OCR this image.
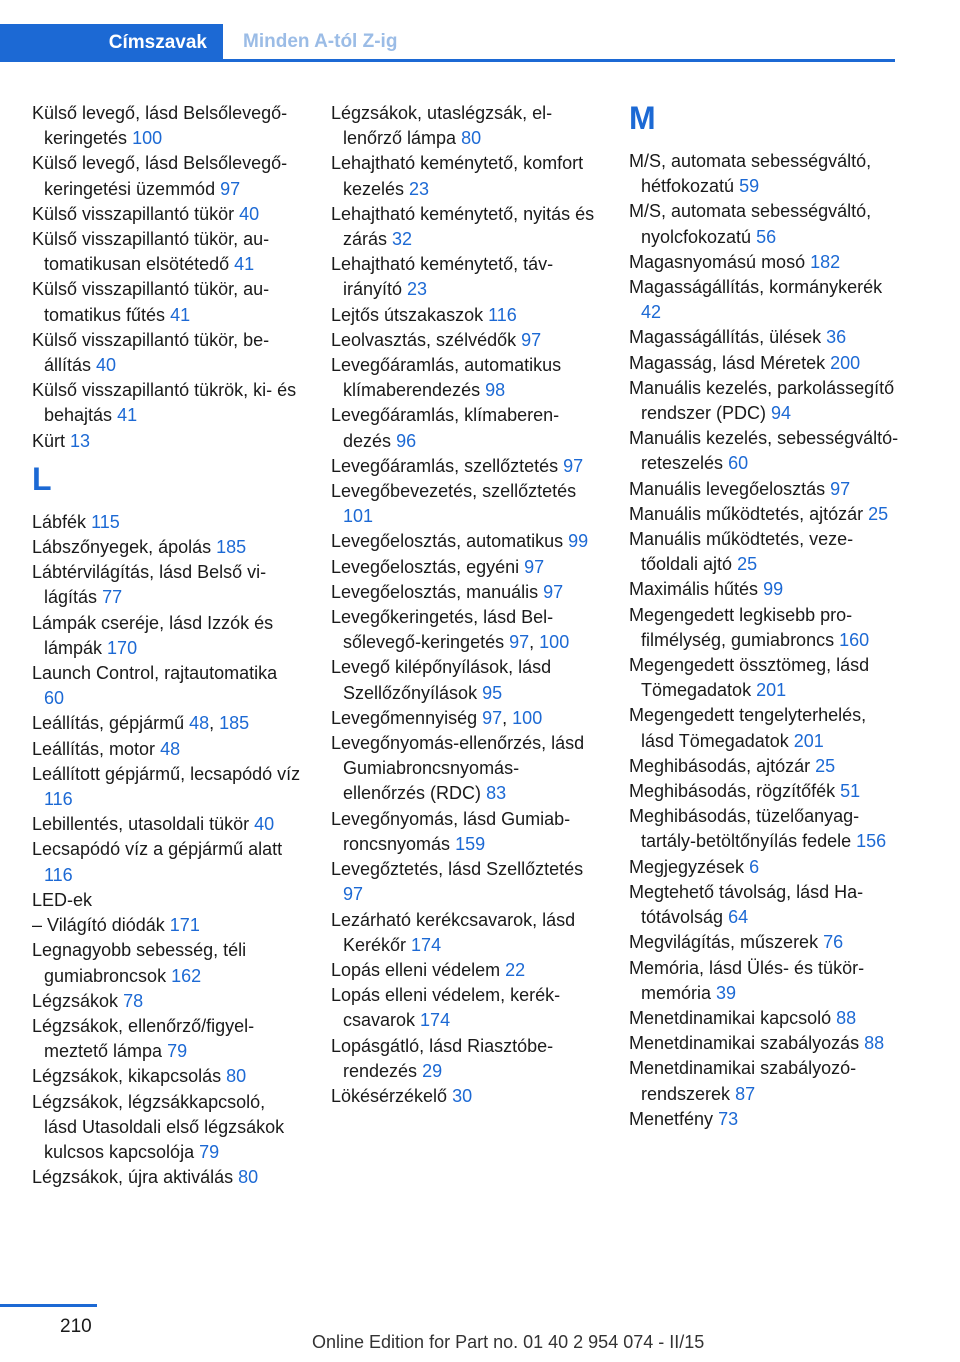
Címszavak	Minden A-tól Z-ig

Külső levegő, lásd Belsőlevegő-keringetés 100

Külső levegő, lásd Belsőlevegő-keringetési üzemmód 97

Külső visszapillantó tükör 40

Külső visszapillantó tükör, automatikusan elsötétedő 41

Külső visszapillantó tükör, automatikus fűtés 41

Külső visszapillantó tükör, beállítás 40

Külső visszapillantó tükrök, ki- és behajtás 41

Kürt 13

L

Lábfék 115

Lábszőnyegek, ápolás 185

Lábtérvilágítás, lásd Belső világítás 77

Lámpák cseréje, lásd Izzók és lámpák 170

Launch Control, rajtautomatika 60

Leállítás, gépjármű 48, 185

Leállítás, motor 48

Leállított gépjármű, lecsapódó víz 116

Lebillentés, utasoldali tükör 40

Lecsapódó víz a gépjármű alatt 116

LED-ek

– Világító diódák 171

Legnagyobb sebesség, téli gumiabroncsok 162

Légzsákok 78

Légzsákok, ellenőrző/figyelmeztető lámpa 79

Légzsákok, kikapcsolás 80

Légzsákok, légzsákkapcsoló, lásd Utasoldali első légzsákok kulcsos kapcsolója 79

Légzsákok, újra aktiválás 80

Légzsákok, utaslégzsák, ellenőrző lámpa 80

Lehajtható keménytető, komfort kezelés 23

Lehajtható keménytető, nyitás és zárás 32

Lehajtható keménytető, távirányító 23

Lejtős útszakaszok 116

Leolvasztás, szélvédők 97

Levegőáramlás, automatikus klímaberendezés 98

Levegőáramlás, klímaberendezés 96

Levegőáramlás, szellőztetés 97

Levegőbevezetés, szellőztetés 101

Levegőelosztás, automatikus 99

Levegőelosztás, egyéni 97

Levegőelosztás, manuális 97

Levegőkeringetés, lásd Belsőlevegő-keringetés 97, 100

Levegő kilépőnyílások, lásd Szellőzőnyílások 95

Levegőmennyiség 97, 100

Levegőnyomás-ellenőrzés, lásd Gumiabroncsnyomás-ellenőrzés (RDC) 83

Levegőnyomás, lásd Gumiabroncsnyomás 159

Levegőztetés, lásd Szellőztetés 97

Lezárható kerékcsavarok, lásd Kerékőr 174

Lopás elleni védelem 22

Lopás elleni védelem, kerékcsavarok 174

Lopásgátló, lásd Riasztóberendezés 29

Lökésérzékelő 30

M

M/S, automata sebességváltó, hétfokozatú 59

M/S, automata sebességváltó, nyolcfokozatú 56

Magasnyomású mosó 182

Magasságállítás, kormánykerék 42

Magasságállítás, ülések 36

Magasság, lásd Méretek 200

Manuális kezelés, parkolássegítő rendszer (PDC) 94

Manuális kezelés, sebességváltó-reteszelés 60

Manuális levegőelosztás 97

Manuális működtetés, ajtózár 25

Manuális működtetés, vezetőoldali ajtó 25

Maximális hűtés 99

Megengedett legkisebb profilmélység, gumiabroncs 160

Megengedett össztömeg, lásd Tömegadatok 201

Megengedett tengelyterhelés, lásd Tömegadatok 201

Meghibásodás, ajtózár 25

Meghibásodás, rögzítőfék 51

Meghibásodás, tüzelőanyagtartály-betöltőnyílás fedele 156

Megjegyzések 6

Megtehető távolság, lásd Hatótávolság 64

Megvilágítás, műszerek 76

Memória, lásd Ülés- és tükörmemória 39

Menetdinamikai kapcsoló 88

Menetdinamikai szabályozás 88

Menetdinamikai szabályozórendszerek 87

Menetfény 73

210
Online Edition for Part no. 01 40 2 954 074 - II/15
